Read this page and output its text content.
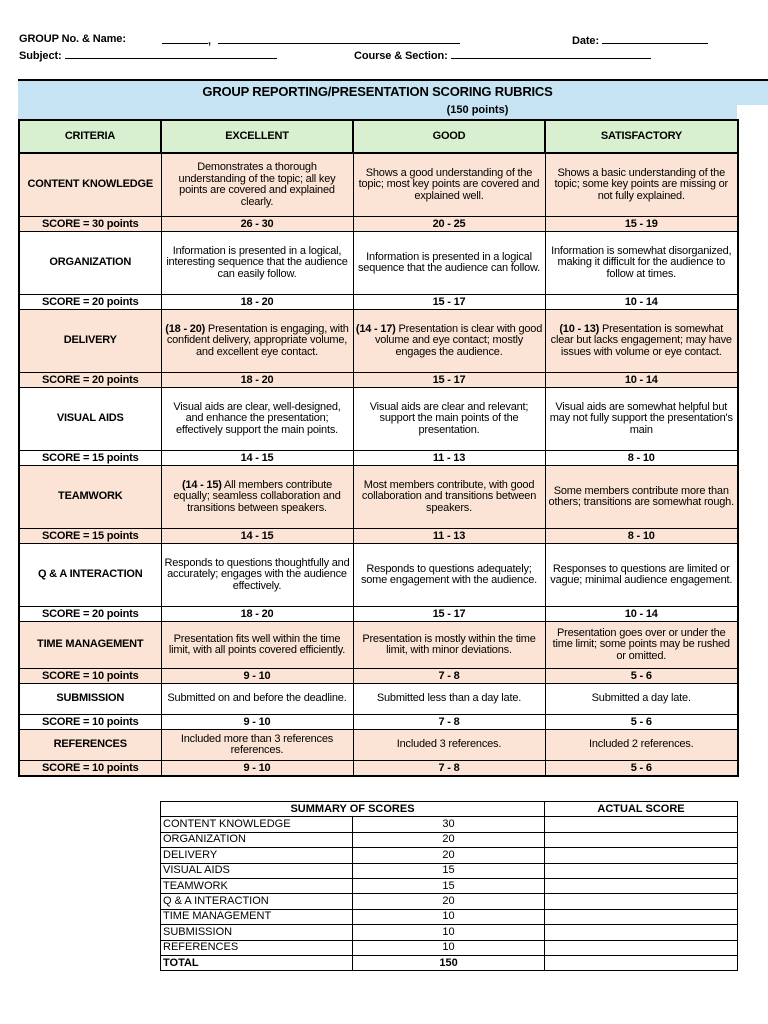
GROUP No. & Name:	,	Date:
Subject:	Course & Section:
GROUP REPORTING/PRESENTATION SCORING RUBRICS
(150 points)
CRITERIA	EXCELLENT	GOOD	SATISFACTORY
CONTENT KNOWLEDGE	Demonstrates a thorough understanding of the topic; all key points are covered and explained clearly.	Shows a good understanding of the topic; most key points are covered and explained well.	Shows a basic understanding of the topic; some key points are missing or not fully explained.
SCORE = 30 points	26 - 30	20 - 25	15 - 19
ORGANIZATION	Information is presented in a logical, interesting sequence that the audience can easily follow.	Information is presented in a logical sequence that the audience can follow.	Information is somewhat disorganized, making it difficult for the audience to follow at times.
SCORE = 20 points	18 - 20	15 - 17	10 - 14
DELIVERY	(18 - 20) Presentation is engaging, with confident delivery, appropriate volume, and excellent eye contact.	(14 - 17) Presentation is clear with good volume and eye contact; mostly engages the audience.	(10 - 13) Presentation is somewhat clear but lacks engagement; may have issues with volume or eye contact.
SCORE = 20 points	18 - 20	15 - 17	10 - 14
VISUAL AIDS	Visual aids are clear, well-designed, and enhance the presentation; effectively support the main points.	Visual aids are clear and relevant; support the main points of the presentation.	Visual aids are somewhat helpful but may not fully support the presentation's main
SCORE = 15 points	14 - 15	11 - 13	8 - 10
TEAMWORK	(14 - 15) All members contribute equally; seamless collaboration and transitions between speakers.	Most members contribute, with good collaboration and transitions between speakers.	Some members contribute more than others; transitions are somewhat rough.
SCORE = 15 points	14 - 15	11 - 13	8 - 10
Q & A INTERACTION	Responds to questions thoughtfully and accurately; engages with the audience effectively.	Responds to questions adequately; some engagement with the audience.	Responses to questions are limited or vague; minimal audience engagement.
SCORE = 20 points	18 - 20	15 - 17	10 - 14
TIME MANAGEMENT	Presentation fits well within the time limit, with all points covered efficiently.	Presentation is mostly within the time limit, with minor deviations.	Presentation goes over or under the time limit; some points may be rushed or omitted.
SCORE = 10 points	9 - 10	7 - 8	5 - 6
SUBMISSION	Submitted on and before the deadline.	Submitted less than a day late.	Submitted a day late.
SCORE = 10 points	9 - 10	7 - 8	5 - 6
REFERENCES	Included more than 3 references references.	Included 3 references.	Included 2 references.
SCORE = 10 points	9 - 10	7 - 8	5 - 6
SUMMARY OF SCORES		ACTUAL SCORE
CONTENT KNOWLEDGE	30	
ORGANIZATION	20	
DELIVERY	20	
VISUAL AIDS	15	
TEAMWORK	15	
Q & A INTERACTION	20	
TIME MANAGEMENT	10	
SUBMISSION	10	
REFERENCES	10	
TOTAL	150	
